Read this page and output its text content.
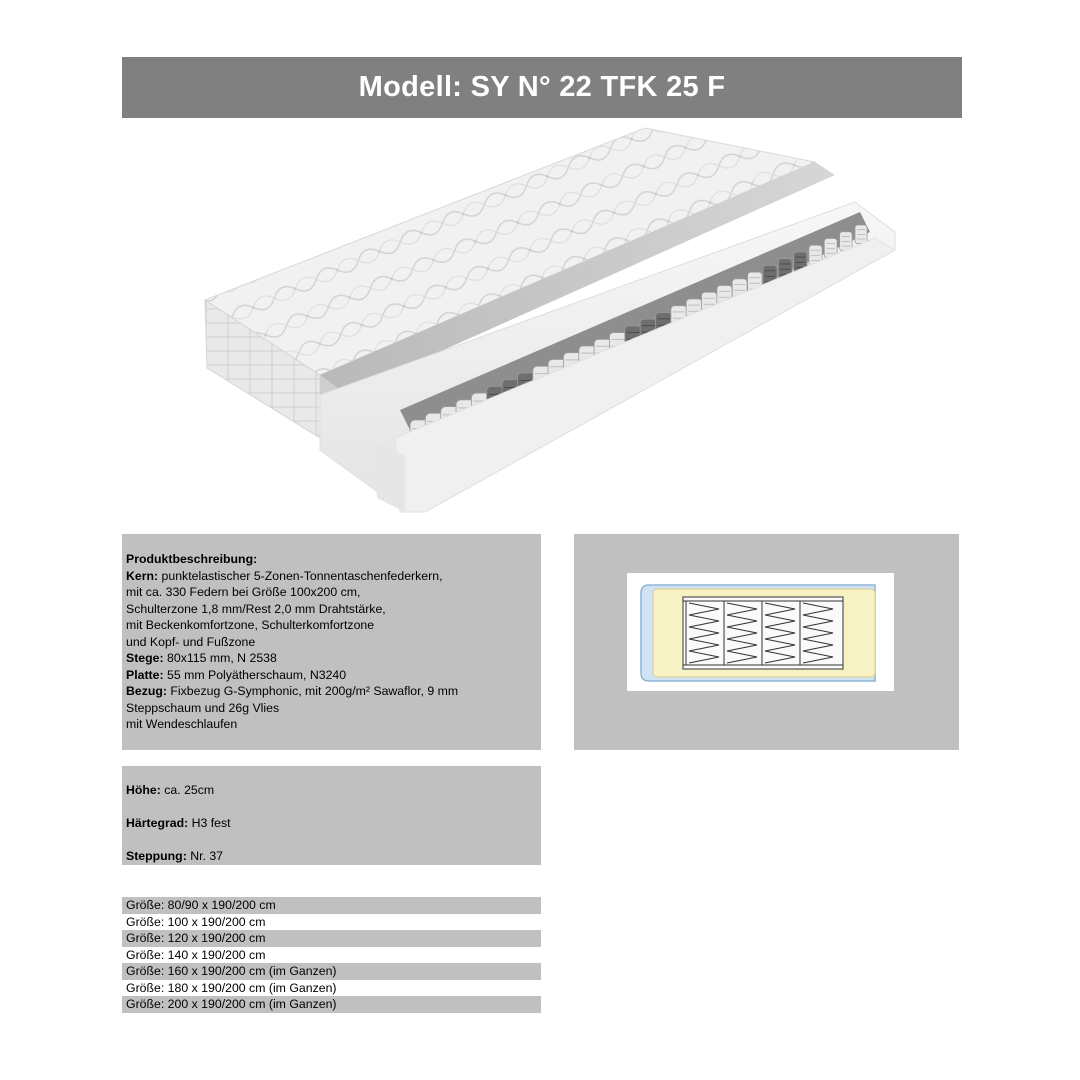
Modell: SY N° 22 TFK 25 F
Produktbeschreibung:
Kern: punktelastischer 5-Zonen-Tonnentaschenfederkern,
mit ca. 330 Federn bei Größe 100x200 cm,
Schulterzone 1,8 mm/Rest 2,0 mm Drahtstärke,
mit Beckenkomfortzone, Schulterkomfortzone
und Kopf- und Fußzone
Stege: 80x115 mm, N 2538
Platte: 55 mm Polyätherschaum, N3240
Bezug: Fixbezug G-Symphonic, mit 200g/m² Sawaflor, 9 mm
Steppschaum und 26g Vlies
mit Wendeschlaufen
Höhe: ca. 25cm
Härtegrad: H3 fest
Steppung: Nr. 37
Größe: 80/90 x 190/200 cm
Größe: 100 x 190/200 cm
Größe: 120 x 190/200 cm
Größe: 140 x 190/200 cm
Größe: 160 x 190/200 cm (im Ganzen)
Größe: 180 x 190/200 cm (im Ganzen)
Größe: 200 x 190/200 cm (im Ganzen)
